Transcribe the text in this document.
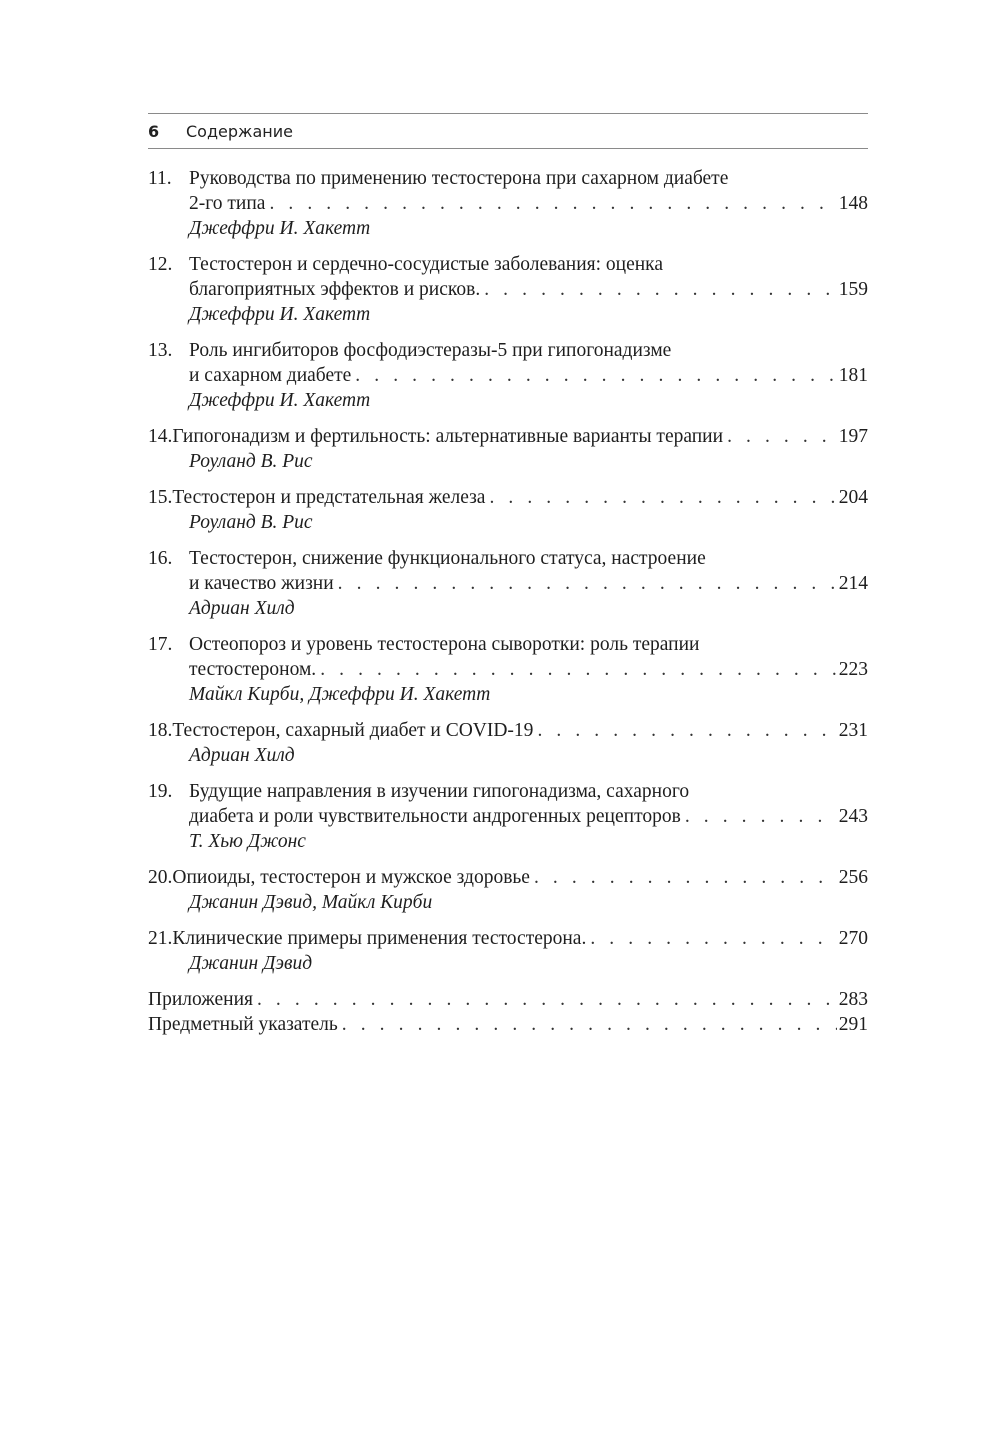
6	Содержание
11. Руководства по применению тестостерона при сахарном диабете
2-го типа . . .	148
Джеффри И. Хакетт
12. Тестостерон и сердечно-сосудистые заболевания: оценка
благоприятных эффектов и рисков. . . .	159
Джеффри И. Хакетт
13. Роль ингибиторов фосфодиэстеразы-5 при гипогонадизме
и сахарном диабете . . .	181
Джеффри И. Хакетт
14. Гипогонадизм и фертильность: альтернативные варианты терапии . . .	197
Роуланд В. Рис
15. Тестостерон и предстательная железа . . .	204
Роуланд В. Рис
16. Тестостерон, снижение функционального статуса, настроение
и качество жизни . . .	214
Адриан Хилд
17. Остеопороз и уровень тестостерона сыворотки: роль терапии
тестостероном. . . .	223
Майкл Кирби, Джеффри И. Хакетт
18. Тестостерон, сахарный диабет и COVID-19 . . .	231
Адриан Хилд
19. Будущие направления в изучении гипогонадизма, сахарного
диабета и роли чувствительности андрогенных рецепторов . . .	243
Т. Хью Джонс
20. Опиоиды, тестостерон и мужское здоровье . . .	256
Джанин Дэвид, Майкл Кирби
21. Клинические примеры применения тестостерона. . . .	270
Джанин Дэвид
Приложения . . .	283
Предметный указатель . . .	291
